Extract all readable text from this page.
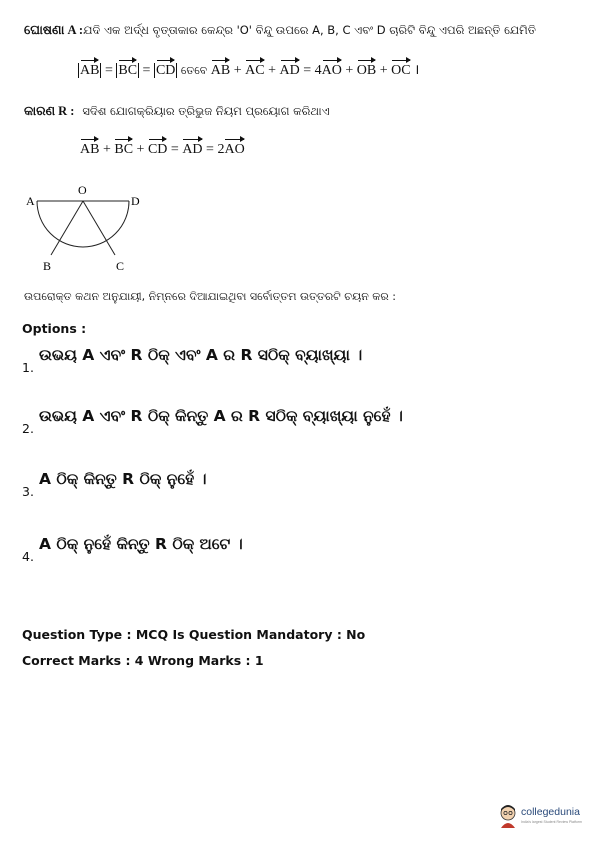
ଘୋଷଣା A :ଯଦି ଏକ ଅର୍ଦ୍ଧ ବୃତ୍ତାକାର କେନ୍ଦ୍ର 'O' ବିନ୍ଦୁ ଉପରେ A, B, C ଏବଂ D ଚାରିଟି ବିନ୍ଦୁ ଏପରି ଅଛନ୍ତି ଯେମିତି
AB = BC = CD ତେବେ AB + AC + AD = 4AO + OB + OC ।
କାରଣ R : ସଦିଶ ଯୋଗକ୍ରିୟାର ତ୍ରିଭୁଜ ନିୟମ ପ୍ରୟୋଗ କରିଥାଏ
AB + BC + CD = AD = 2AO
A
O
D
B	C
ଉପରୋକ୍ତ କଥନ ଅନୁଯାୟୀ, ନିମ୍ନରେ ଦିଆଯାଇଥିବା ସର୍ବୋତ୍ତମ ଉତ୍ତରଟି ଚୟନ କର :
Options :
1.
ଉଭୟ A ଏବଂ R ଠିକ୍ ଏବଂ A ର R ସଠିକ୍ ବ୍ୟାଖ୍ୟା ।
2.
ଉଭୟ A ଏବଂ R ଠିକ୍ କିନ୍ତୁ A ର R ସଠିକ୍ ବ୍ୟାଖ୍ୟା ନୁହେଁ ।
3.
A ଠିକ୍ କିନ୍ତୁ R ଠିକ୍ ନୁହେଁ ।
4.
A ଠିକ୍ ନୁହେଁ କିନ୍ତୁ R ଠିକ୍ ଅଟେ ।
Question Type : MCQ Is Question Mandatory : No
Correct Marks : 4 Wrong Marks : 1
collegedunia
India's largest Student Review Platform
